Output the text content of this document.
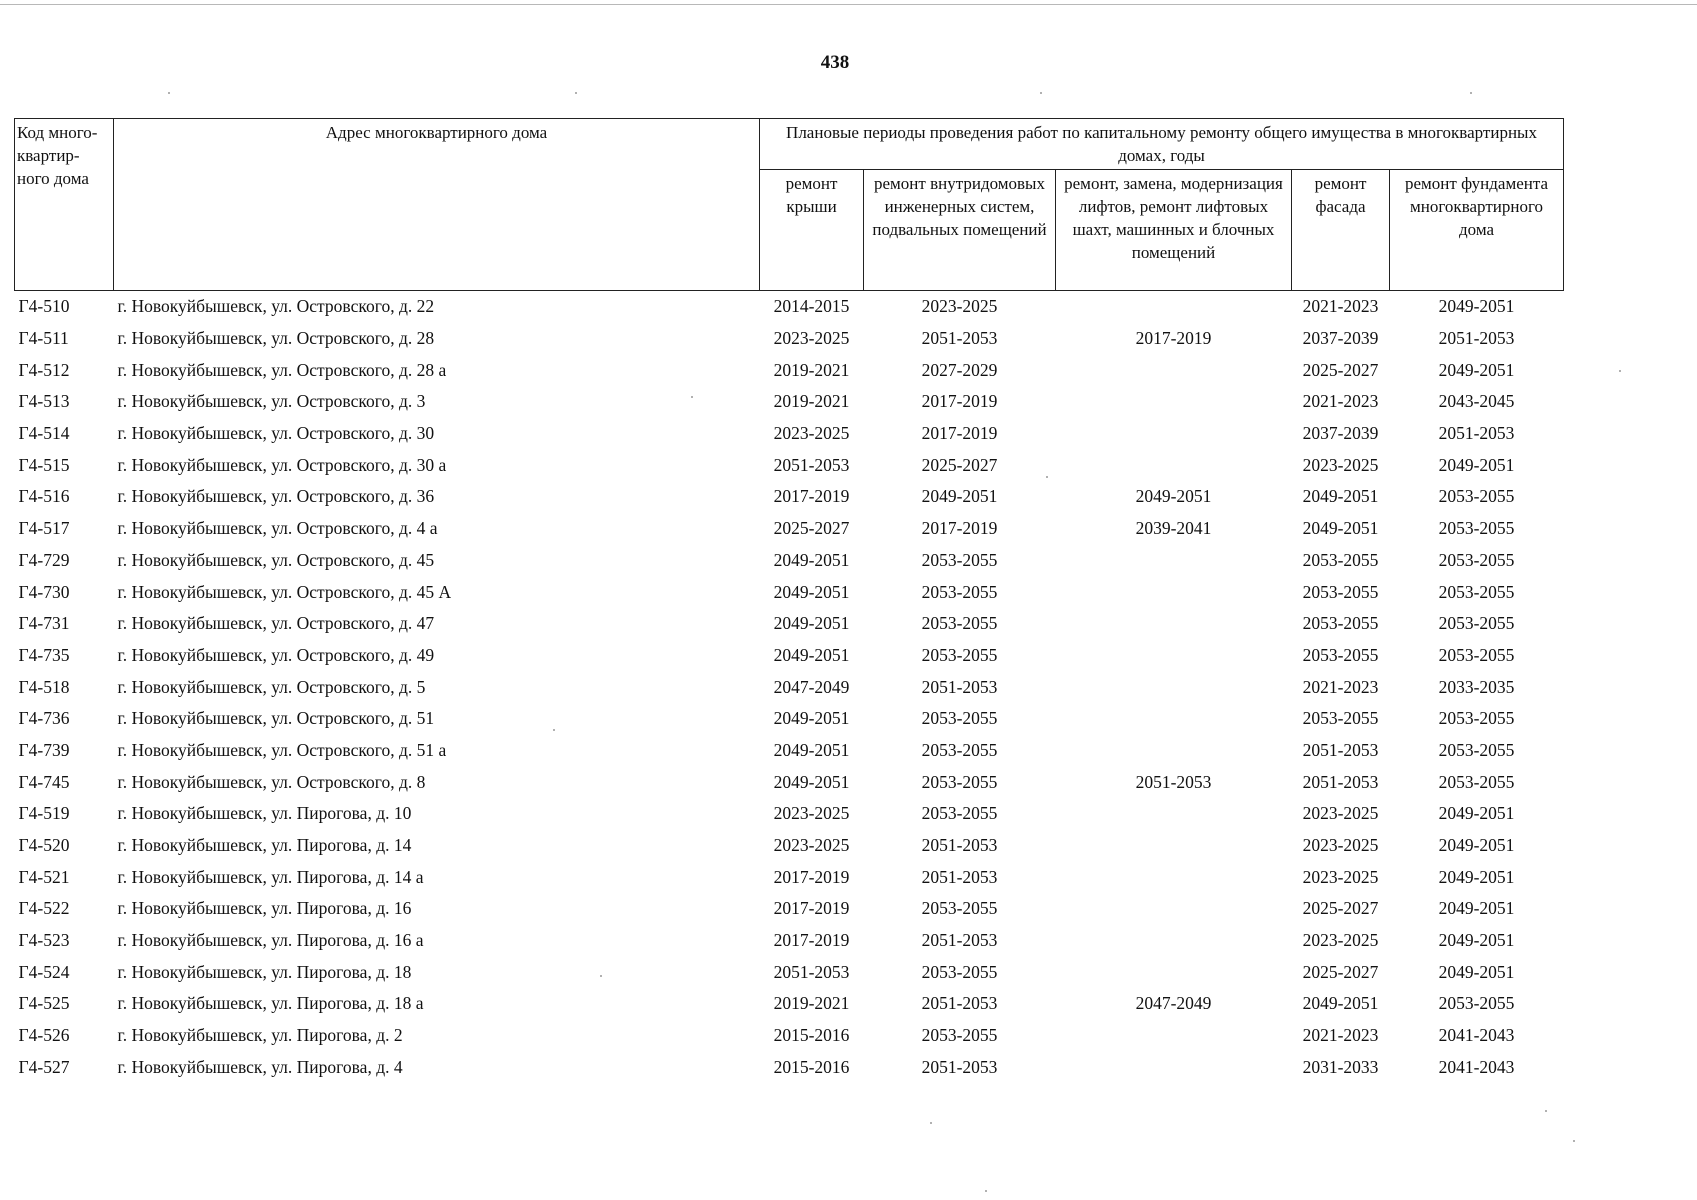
438
Код много-квартир-ного дома	Адрес многоквартирного дома	Плановые периоды проведения работ по капитальному ремонту общего имущества в многоквартирных домах, годы				
		ремонт крыши	ремонт внутридомовых инженерных систем, подвальных помещений	ремонт, замена, модернизация лифтов, ремонт лифтовых шахт, машинных и блочных помещений	ремонт фасада	ремонт фундамента многоквартирного дома
Г4-510	г. Новокуйбышевск, ул. Островского, д. 22	2014-2015	2023-2025		2021-2023	2049-2051
Г4-511	г. Новокуйбышевск, ул. Островского, д. 28	2023-2025	2051-2053	2017-2019	2037-2039	2051-2053
Г4-512	г. Новокуйбышевск, ул. Островского, д. 28 а	2019-2021	2027-2029		2025-2027	2049-2051
Г4-513	г. Новокуйбышевск, ул. Островского, д. 3	2019-2021	2017-2019		2021-2023	2043-2045
Г4-514	г. Новокуйбышевск, ул. Островского, д. 30	2023-2025	2017-2019		2037-2039	2051-2053
Г4-515	г. Новокуйбышевск, ул. Островского, д. 30 а	2051-2053	2025-2027		2023-2025	2049-2051
Г4-516	г. Новокуйбышевск, ул. Островского, д. 36	2017-2019	2049-2051	2049-2051	2049-2051	2053-2055
Г4-517	г. Новокуйбышевск, ул. Островского, д. 4 а	2025-2027	2017-2019	2039-2041	2049-2051	2053-2055
Г4-729	г. Новокуйбышевск, ул. Островского, д. 45	2049-2051	2053-2055		2053-2055	2053-2055
Г4-730	г. Новокуйбышевск, ул. Островского, д. 45 А	2049-2051	2053-2055		2053-2055	2053-2055
Г4-731	г. Новокуйбышевск, ул. Островского, д. 47	2049-2051	2053-2055		2053-2055	2053-2055
Г4-735	г. Новокуйбышевск, ул. Островского, д. 49	2049-2051	2053-2055		2053-2055	2053-2055
Г4-518	г. Новокуйбышевск, ул. Островского, д. 5	2047-2049	2051-2053		2021-2023	2033-2035
Г4-736	г. Новокуйбышевск, ул. Островского, д. 51	2049-2051	2053-2055		2053-2055	2053-2055
Г4-739	г. Новокуйбышевск, ул. Островского, д. 51 а	2049-2051	2053-2055		2051-2053	2053-2055
Г4-745	г. Новокуйбышевск, ул. Островского, д. 8	2049-2051	2053-2055	2051-2053	2051-2053	2053-2055
Г4-519	г. Новокуйбышевск, ул. Пирогова, д. 10	2023-2025	2053-2055		2023-2025	2049-2051
Г4-520	г. Новокуйбышевск, ул. Пирогова, д. 14	2023-2025	2051-2053		2023-2025	2049-2051
Г4-521	г. Новокуйбышевск, ул. Пирогова, д. 14 а	2017-2019	2051-2053		2023-2025	2049-2051
Г4-522	г. Новокуйбышевск, ул. Пирогова, д. 16	2017-2019	2053-2055		2025-2027	2049-2051
Г4-523	г. Новокуйбышевск, ул. Пирогова, д. 16 а	2017-2019	2051-2053		2023-2025	2049-2051
Г4-524	г. Новокуйбышевск, ул. Пирогова, д. 18	2051-2053	2053-2055		2025-2027	2049-2051
Г4-525	г. Новокуйбышевск, ул. Пирогова, д. 18 а	2019-2021	2051-2053	2047-2049	2049-2051	2053-2055
Г4-526	г. Новокуйбышевск, ул. Пирогова, д. 2	2015-2016	2053-2055		2021-2023	2041-2043
Г4-527	г. Новокуйбышевск, ул. Пирогова, д. 4	2015-2016	2051-2053		2031-2033	2041-2043
